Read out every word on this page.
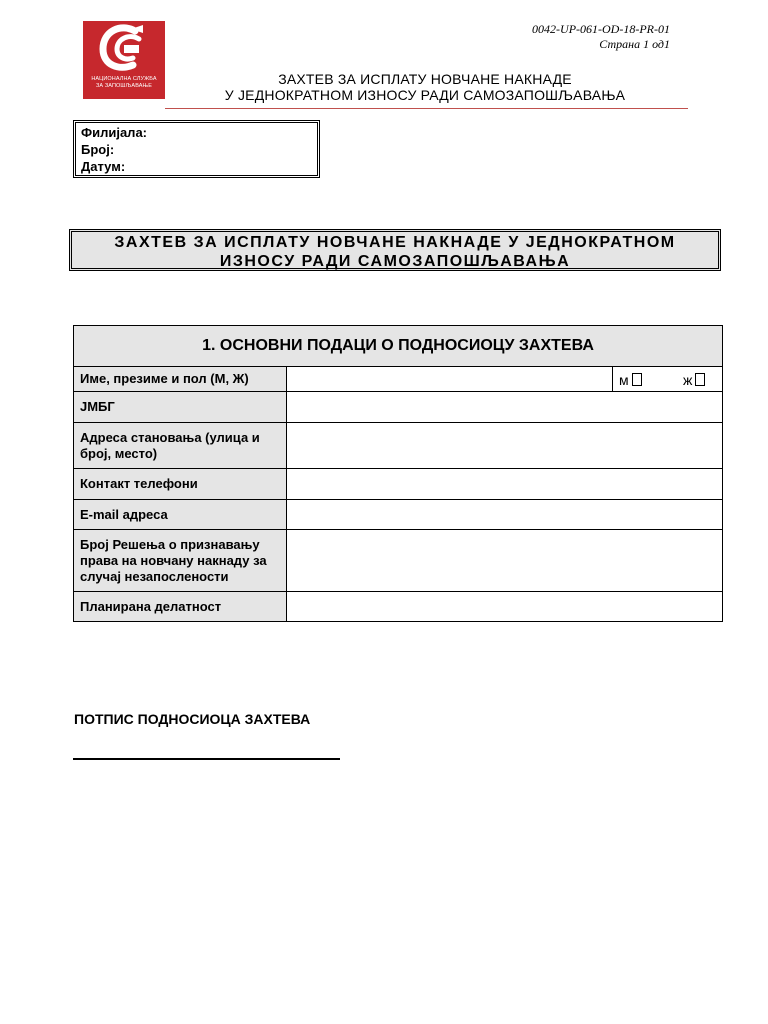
НАЦИОНАЛНА СЛУЖБА
ЗА ЗАПОШЉАВАЊЕ
0042-UP-061-OD-18-PR-01
Страна 1 од1
ЗАХТЕВ ЗА ИСПЛАТУ НОВЧАНЕ НАКНАДЕ
У ЈЕДНОКРАТНОМ ИЗНОСУ РАДИ САМОЗАПОШЉАВАЊА
Филијала:
Број:
Датум:
ЗАХТЕВ ЗА ИСПЛАТУ НОВЧАНЕ НАКНАДЕ У ЈЕДНОКРАТНОМ
ИЗНОСУ РАДИ САМОЗАПОШЉАВАЊА
1. ОСНОВНИ ПОДАЦИ О ПОДНОСИОЦУ ЗАХТЕВА	
Име, презиме и пол (М, Ж)	м ж

ЈМБГ	
Адреса становања (улица и број, место)	
Контакт телефони	
E-mail адреса	
Број Решења о признавању права на новчану накнаду за случај незапослености	
Планирана делатност	
ПОТПИС ПОДНОСИОЦА ЗАХТЕВА
